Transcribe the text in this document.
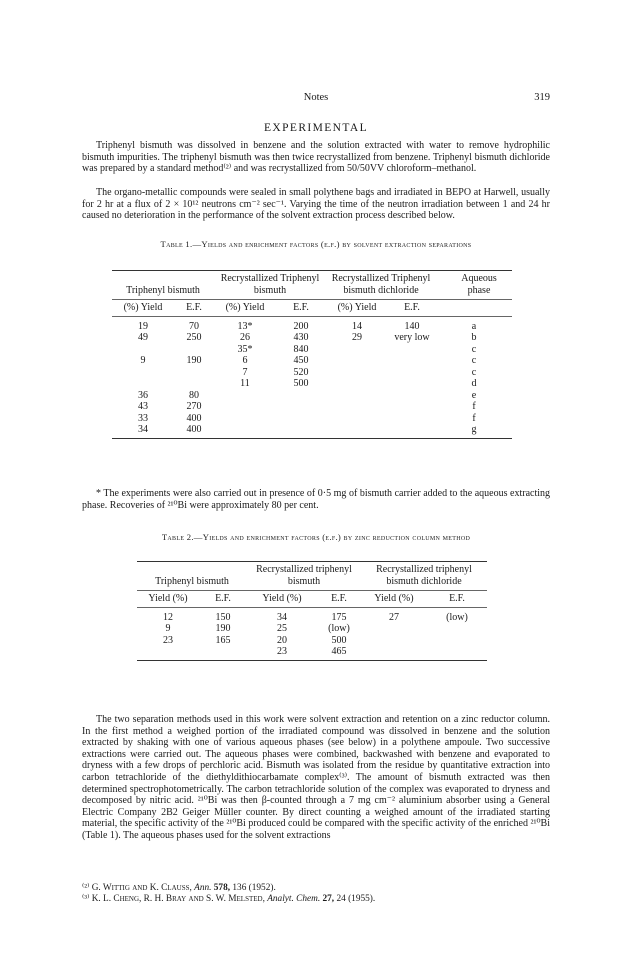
Notes	319
EXPERIMENTAL

Triphenyl bismuth was dissolved in benzene and the solution extracted with water to remove hydrophilic bismuth impurities. The triphenyl bismuth was then twice recrystallized from benzene. Triphenyl bismuth dichloride was prepared by a standard method⁽²⁾ and was recrystallized from 50/50VV chloroform–methanol.

The organo-metallic compounds were sealed in small polythene bags and irradiated in BEPO at Harwell, usually for 2 hr at a flux of 2 × 10¹² neutrons cm⁻² sec⁻¹. Varying the time of the neutron irradiation between 1 and 24 hr caused no deterioration in the performance of the solvent extraction process described below.

Table 1.—Yields and enrichment factors (e.f.) by solvent extraction separations
Triphenyl bismuth		Recrystallized Triphenyl bismuth		Recrystallized Triphenyl bismuth dichloride		Aqueous phase
(%) Yield	E.F.	(%) Yield	E.F.	(%) Yield	E.F.	
19	70	13*	200	14	140	a
49	250	26	430	29	very low	b
		35*	840			c
9	190	6	450			c
		7	520			c
		11	500			d
36	80					e
43	270					f
33	400					f
34	400					g

* The experiments were also carried out in presence of 0·5 mg of bismuth carrier added to the aqueous extracting phase. Recoveries of ²¹⁰Bi were approximately 80 per cent.

Table 2.—Yields and enrichment factors (e.f.) by zinc reduction column method
Triphenyl bismuth		Recrystallized triphenyl bismuth		Recrystallized triphenyl bismuth dichloride	
Yield (%)	E.F.	Yield (%)	E.F.	Yield (%)	E.F.
12	150	34	175	27	(low)
9	190	25	(low)		
23	165	20	500		
		23	465		

The two separation methods used in this work were solvent extraction and retention on a zinc reductor column. In the first method a weighed portion of the irradiated compound was dissolved in benzene and the solution extracted by shaking with one of various aqueous phases (see below) in a polythene ampoule. Two successive extractions were carried out. The aqueous phases were combined, backwashed with benzene and evaporated to dryness with a few drops of perchloric acid. Bismuth was isolated from the residue by quantitative extraction into carbon tetrachloride of the diethyldithiocarbamate complex⁽³⁾. The amount of bismuth extracted was then determined spectrophotometrically. The carbon tetrachloride solution of the complex was evaporated to dryness and decomposed by nitric acid. ²¹⁰Bi was then β-counted through a 7 mg cm⁻² aluminium absorber using a General Electric Company 2B2 Geiger Müller counter. By direct counting a weighed amount of the irradiated starting material, the specific activity of the ²¹⁰Bi produced could be compared with the specific activity of the enriched ²¹⁰Bi (Table 1). The aqueous phases used for the solvent extractions

⁽²⁾ G. Wittig and K. Clauss, Ann. 578, 136 (1952).

⁽³⁾ K. L. Cheng, R. H. Bray and S. W. Melsted, Analyt. Chem. 27, 24 (1955).
